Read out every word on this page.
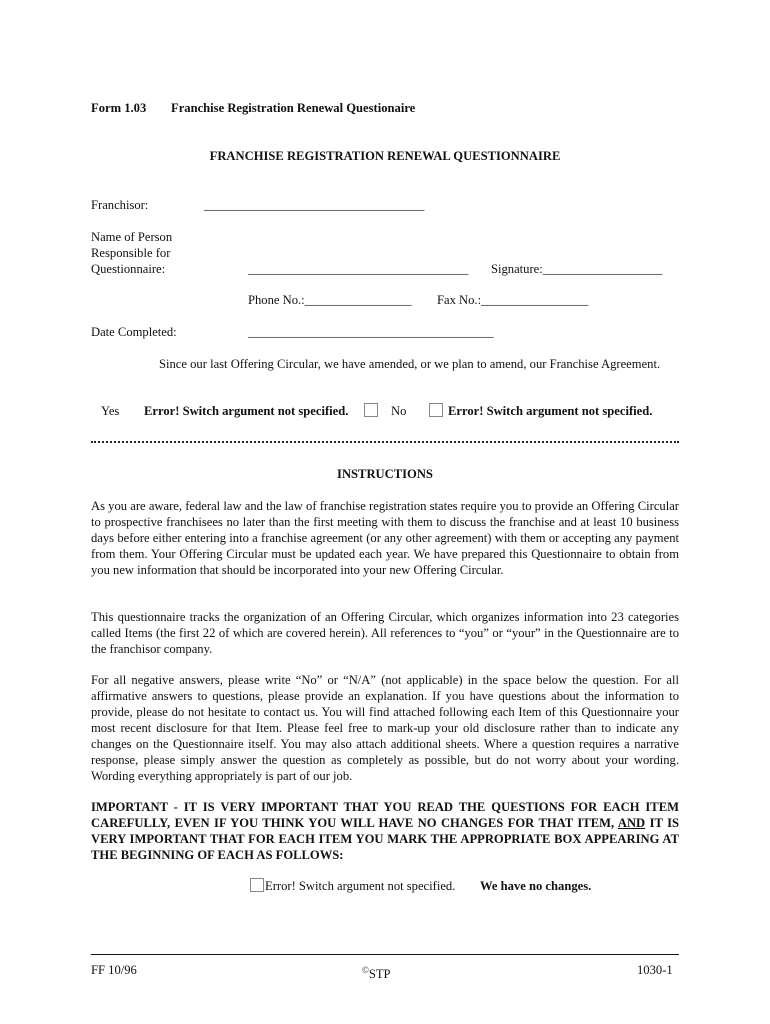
Form 1.03 Franchise Registration Renewal Questionaire
FRANCHISE REGISTRATION RENEWAL QUESTIONNAIRE
Franchisor:	___________________________________
Name of Person
Responsible for
Questionnaire:	___________________________________ Signature:___________________
Phone No.:_________________ Fax No.:_________________
Date Completed:	_______________________________________

Since our last Offering Circular, we have amended, or we plan to amend, our Franchise Agreement.

Yes Error! Switch argument not specified.	No	Error! Switch argument not specified.
INSTRUCTIONS

As you are aware, federal law and the law of franchise registration states require you to provide an Offering Circular to prospective franchisees no later than the first meeting with them to discuss the franchise and at least 10 business days before either entering into a franchise agreement (or any other agreement) with them or accepting any payment from them. Your Offering Circular must be updated each year. We have prepared this Questionnaire to obtain from you new information that should be incorporated into your new Offering Circular.

This questionnaire tracks the organization of an Offering Circular, which organizes information into 23 categories called Items (the first 22 of which are covered herein). All references to “you” or “your” in the Questionnaire are to the franchisor company.

For all negative answers, please write “No” or “N/A” (not applicable) in the space below the question. For all affirmative answers to questions, please provide an explanation. If you have questions about the information to provide, please do not hesitate to contact us. You will find attached following each Item of this Questionnaire your most recent disclosure for that Item. Please feel free to mark-up your old disclosure rather than to indicate any changes on the Questionnaire itself. You may also attach additional sheets. Where a question requires a narrative response, please simply answer the question as completely as possible, but do not worry about your wording. Wording everything appropriately is part of our job.

IMPORTANT - IT IS VERY IMPORTANT THAT YOU READ THE QUESTIONS FOR EACH ITEM CAREFULLY, EVEN IF YOU THINK YOU WILL HAVE NO CHANGES FOR THAT ITEM, AND IT IS VERY IMPORTANT THAT FOR EACH ITEM YOU MARK THE APPROPRIATE BOX APPEARING AT THE BEGINNING OF EACH AS FOLLOWS:

Error! Switch argument not specified. We have no changes.
FF 10/96	©STP	1030-1
